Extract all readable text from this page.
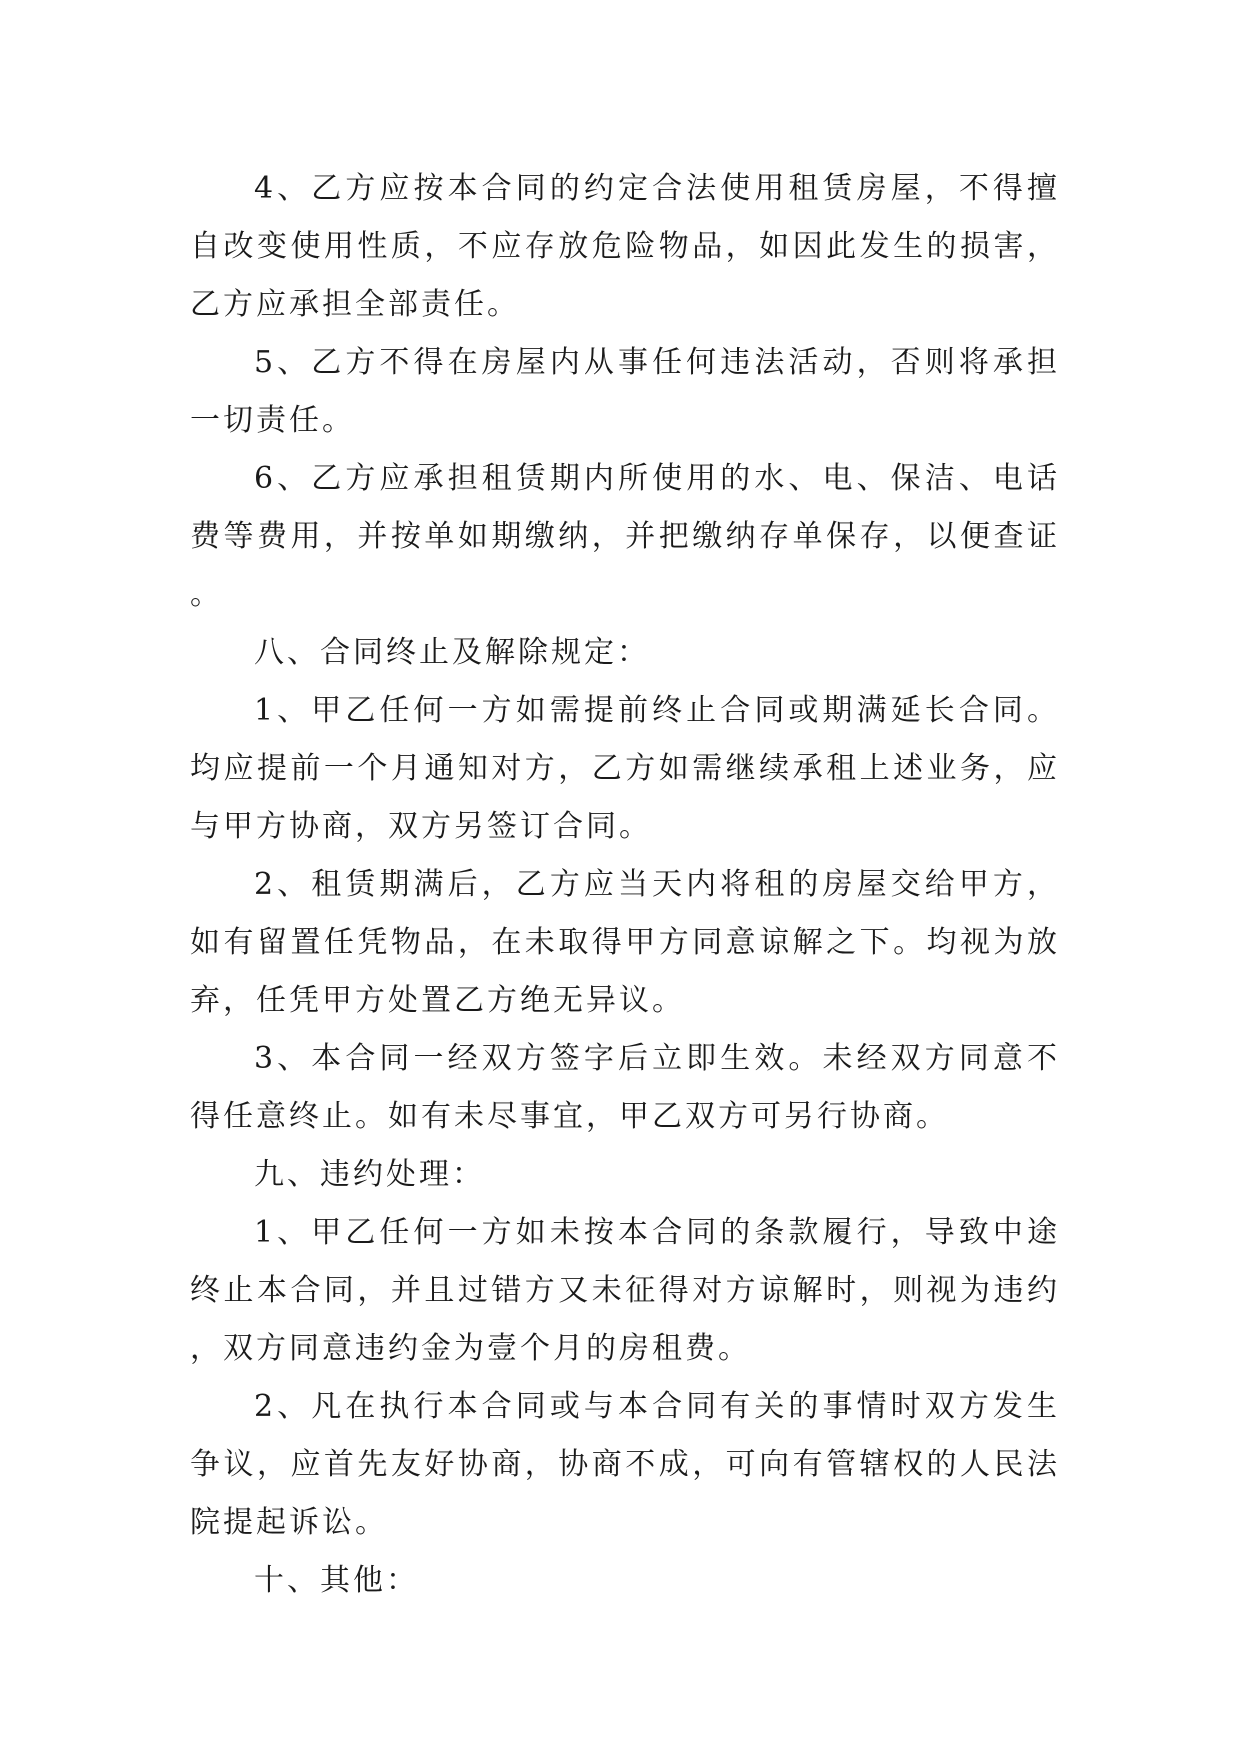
4、乙方应按本合同的约定合法使用租赁房屋，不得擅自改变使用性质，不应存放危险物品，如因此发生的损害，乙方应承担全部责任。

5、乙方不得在房屋内从事任何违法活动，否则将承担一切责任。

6、乙方应承担租赁期内所使用的水、电、保洁、电话费等费用，并按单如期缴纳，并把缴纳存单保存，以便查证。

八、合同终止及解除规定：

1、甲乙任何一方如需提前终止合同或期满延长合同。均应提前一个月通知对方，乙方如需继续承租上述业务，应与甲方协商，双方另签订合同。

2、租赁期满后，乙方应当天内将租的房屋交给甲方，如有留置任凭物品，在未取得甲方同意谅解之下。均视为放弃，任凭甲方处置乙方绝无异议。

3、本合同一经双方签字后立即生效。未经双方同意不得任意终止。如有未尽事宜，甲乙双方可另行协商。

九、违约处理：

1、甲乙任何一方如未按本合同的条款履行，导致中途终止本合同，并且过错方又未征得对方谅解时，则视为违约，双方同意违约金为壹个月的房租费。

2、凡在执行本合同或与本合同有关的事情时双方发生争议，应首先友好协商，协商不成，可向有管辖权的人民法院提起诉讼。

十、其他：
